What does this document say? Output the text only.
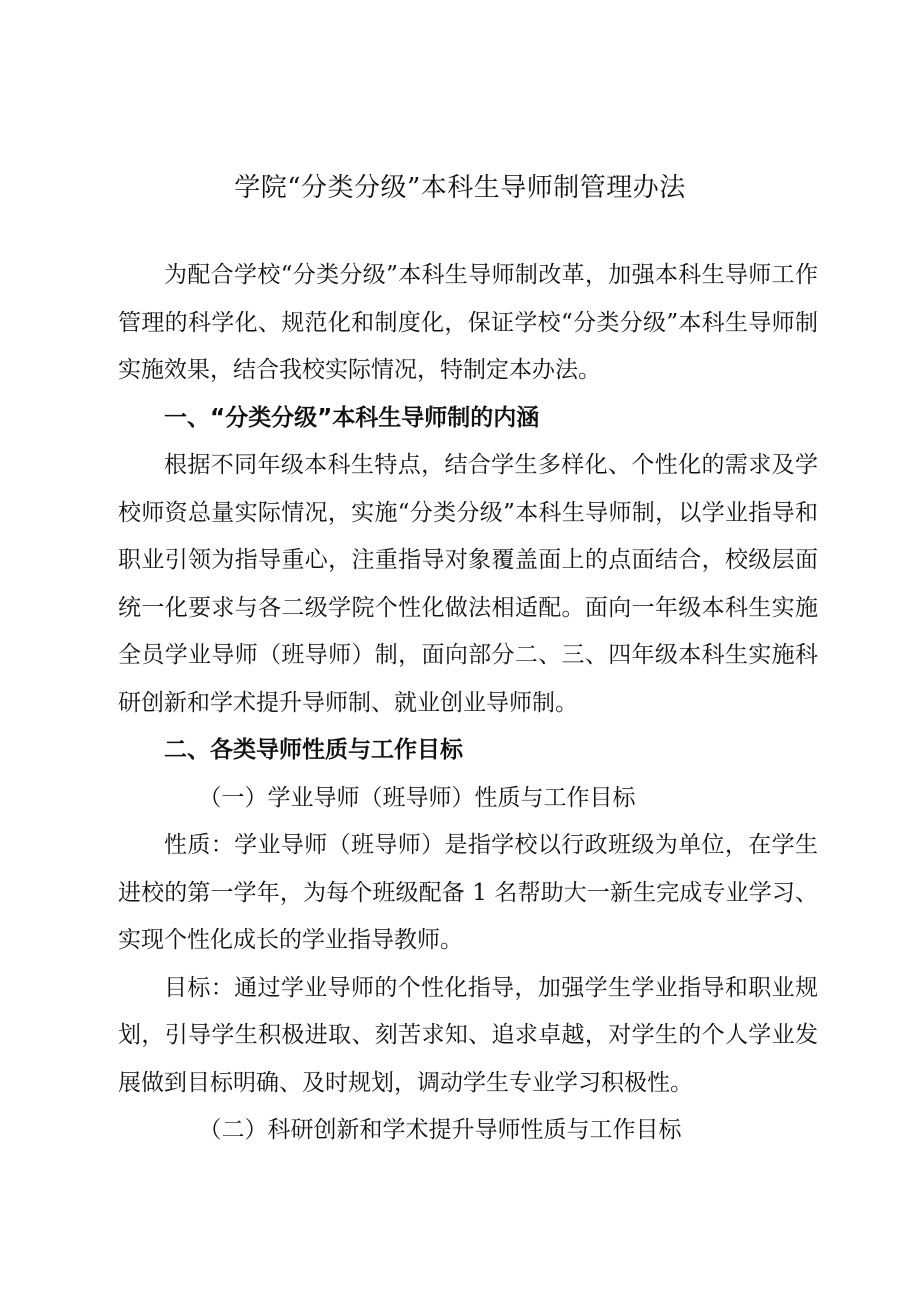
学院“分类分级”本科生导师制管理办法

为配合学校“分类分级”本科生导师制改革，加强本科生导师工作管理的科学化、规范化和制度化，保证学校“分类分级”本科生导师制实施效果，结合我校实际情况，特制定本办法。

一、“分类分级”本科生导师制的内涵

根据不同年级本科生特点，结合学生多样化、个性化的需求及学校师资总量实际情况，实施“分类分级”本科生导师制，以学业指导和职业引领为指导重心，注重指导对象覆盖面上的点面结合，校级层面统一化要求与各二级学院个性化做法相适配。面向一年级本科生实施全员学业导师（班导师）制，面向部分二、三、四年级本科生实施科研创新和学术提升导师制、就业创业导师制。

二、各类导师性质与工作目标

（一）学业导师（班导师）性质与工作目标

性质：学业导师（班导师）是指学校以行政班级为单位，在学生进校的第一学年，为每个班级配备 1 名帮助大一新生完成专业学习、实现个性化成长的学业指导教师。

目标：通过学业导师的个性化指导，加强学生学业指导和职业规划，引导学生积极进取、刻苦求知、追求卓越，对学生的个人学业发展做到目标明确、及时规划，调动学生专业学习积极性。

（二）科研创新和学术提升导师性质与工作目标
